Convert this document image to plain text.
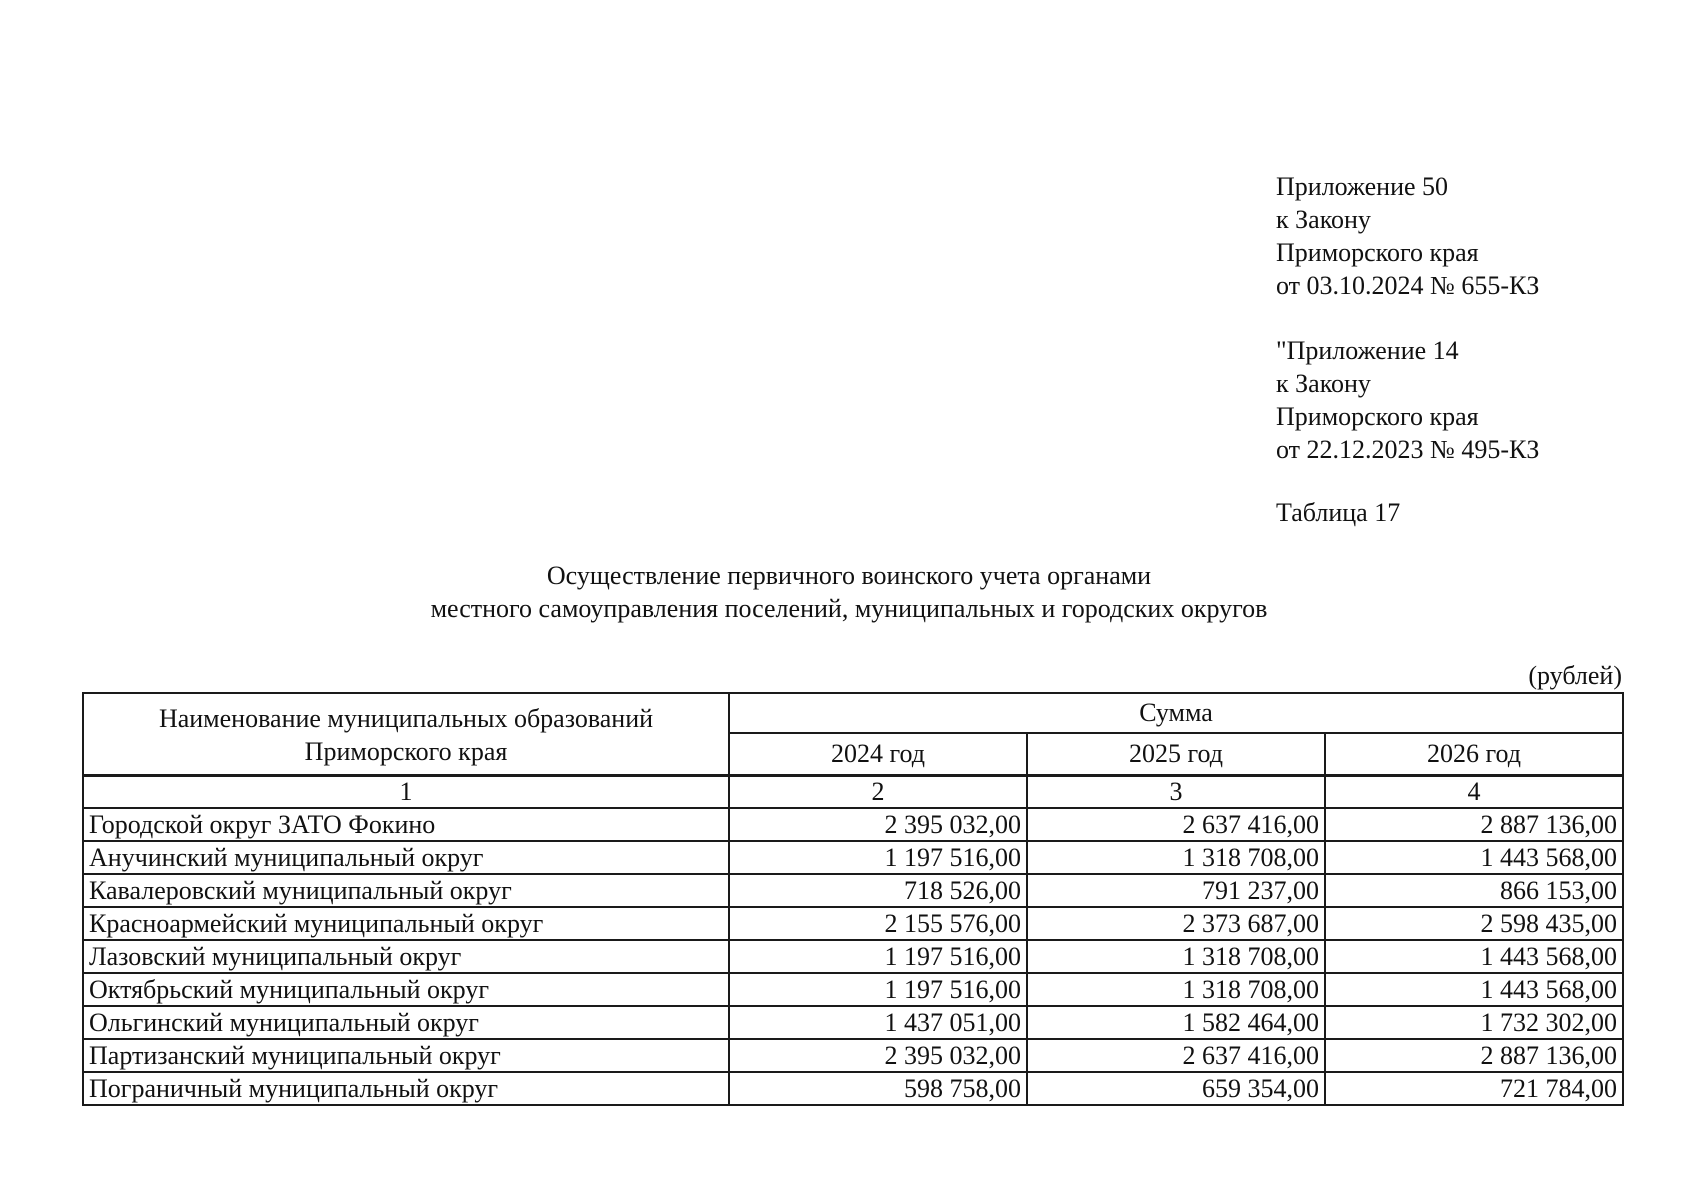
Приложение 50
к Закону
Приморского края
от 03.10.2024 № 655-КЗ
"Приложение 14
к Закону
Приморского края
от 22.12.2023 № 495-КЗ
Таблица 17
Осуществление первичного воинского учета органами
местного самоуправления поселений, муниципальных и городских округов
(рублей)
Наименование муниципальных образований Приморского края	Сумма		
	2024 год	2025 год	2026 год
1	2	3	4
Городской округ ЗАТО Фокино	2 395 032,00	2 637 416,00	2 887 136,00
Анучинский муниципальный округ	1 197 516,00	1 318 708,00	1 443 568,00
Кавалеровский муниципальный округ	718 526,00	791 237,00	866 153,00
Красноармейский муниципальный округ	2 155 576,00	2 373 687,00	2 598 435,00
Лазовский муниципальный округ	1 197 516,00	1 318 708,00	1 443 568,00
Октябрьский муниципальный округ	1 197 516,00	1 318 708,00	1 443 568,00
Ольгинский муниципальный округ	1 437 051,00	1 582 464,00	1 732 302,00
Партизанский муниципальный округ	2 395 032,00	2 637 416,00	2 887 136,00
Пограничный муниципальный округ	598 758,00	659 354,00	721 784,00
